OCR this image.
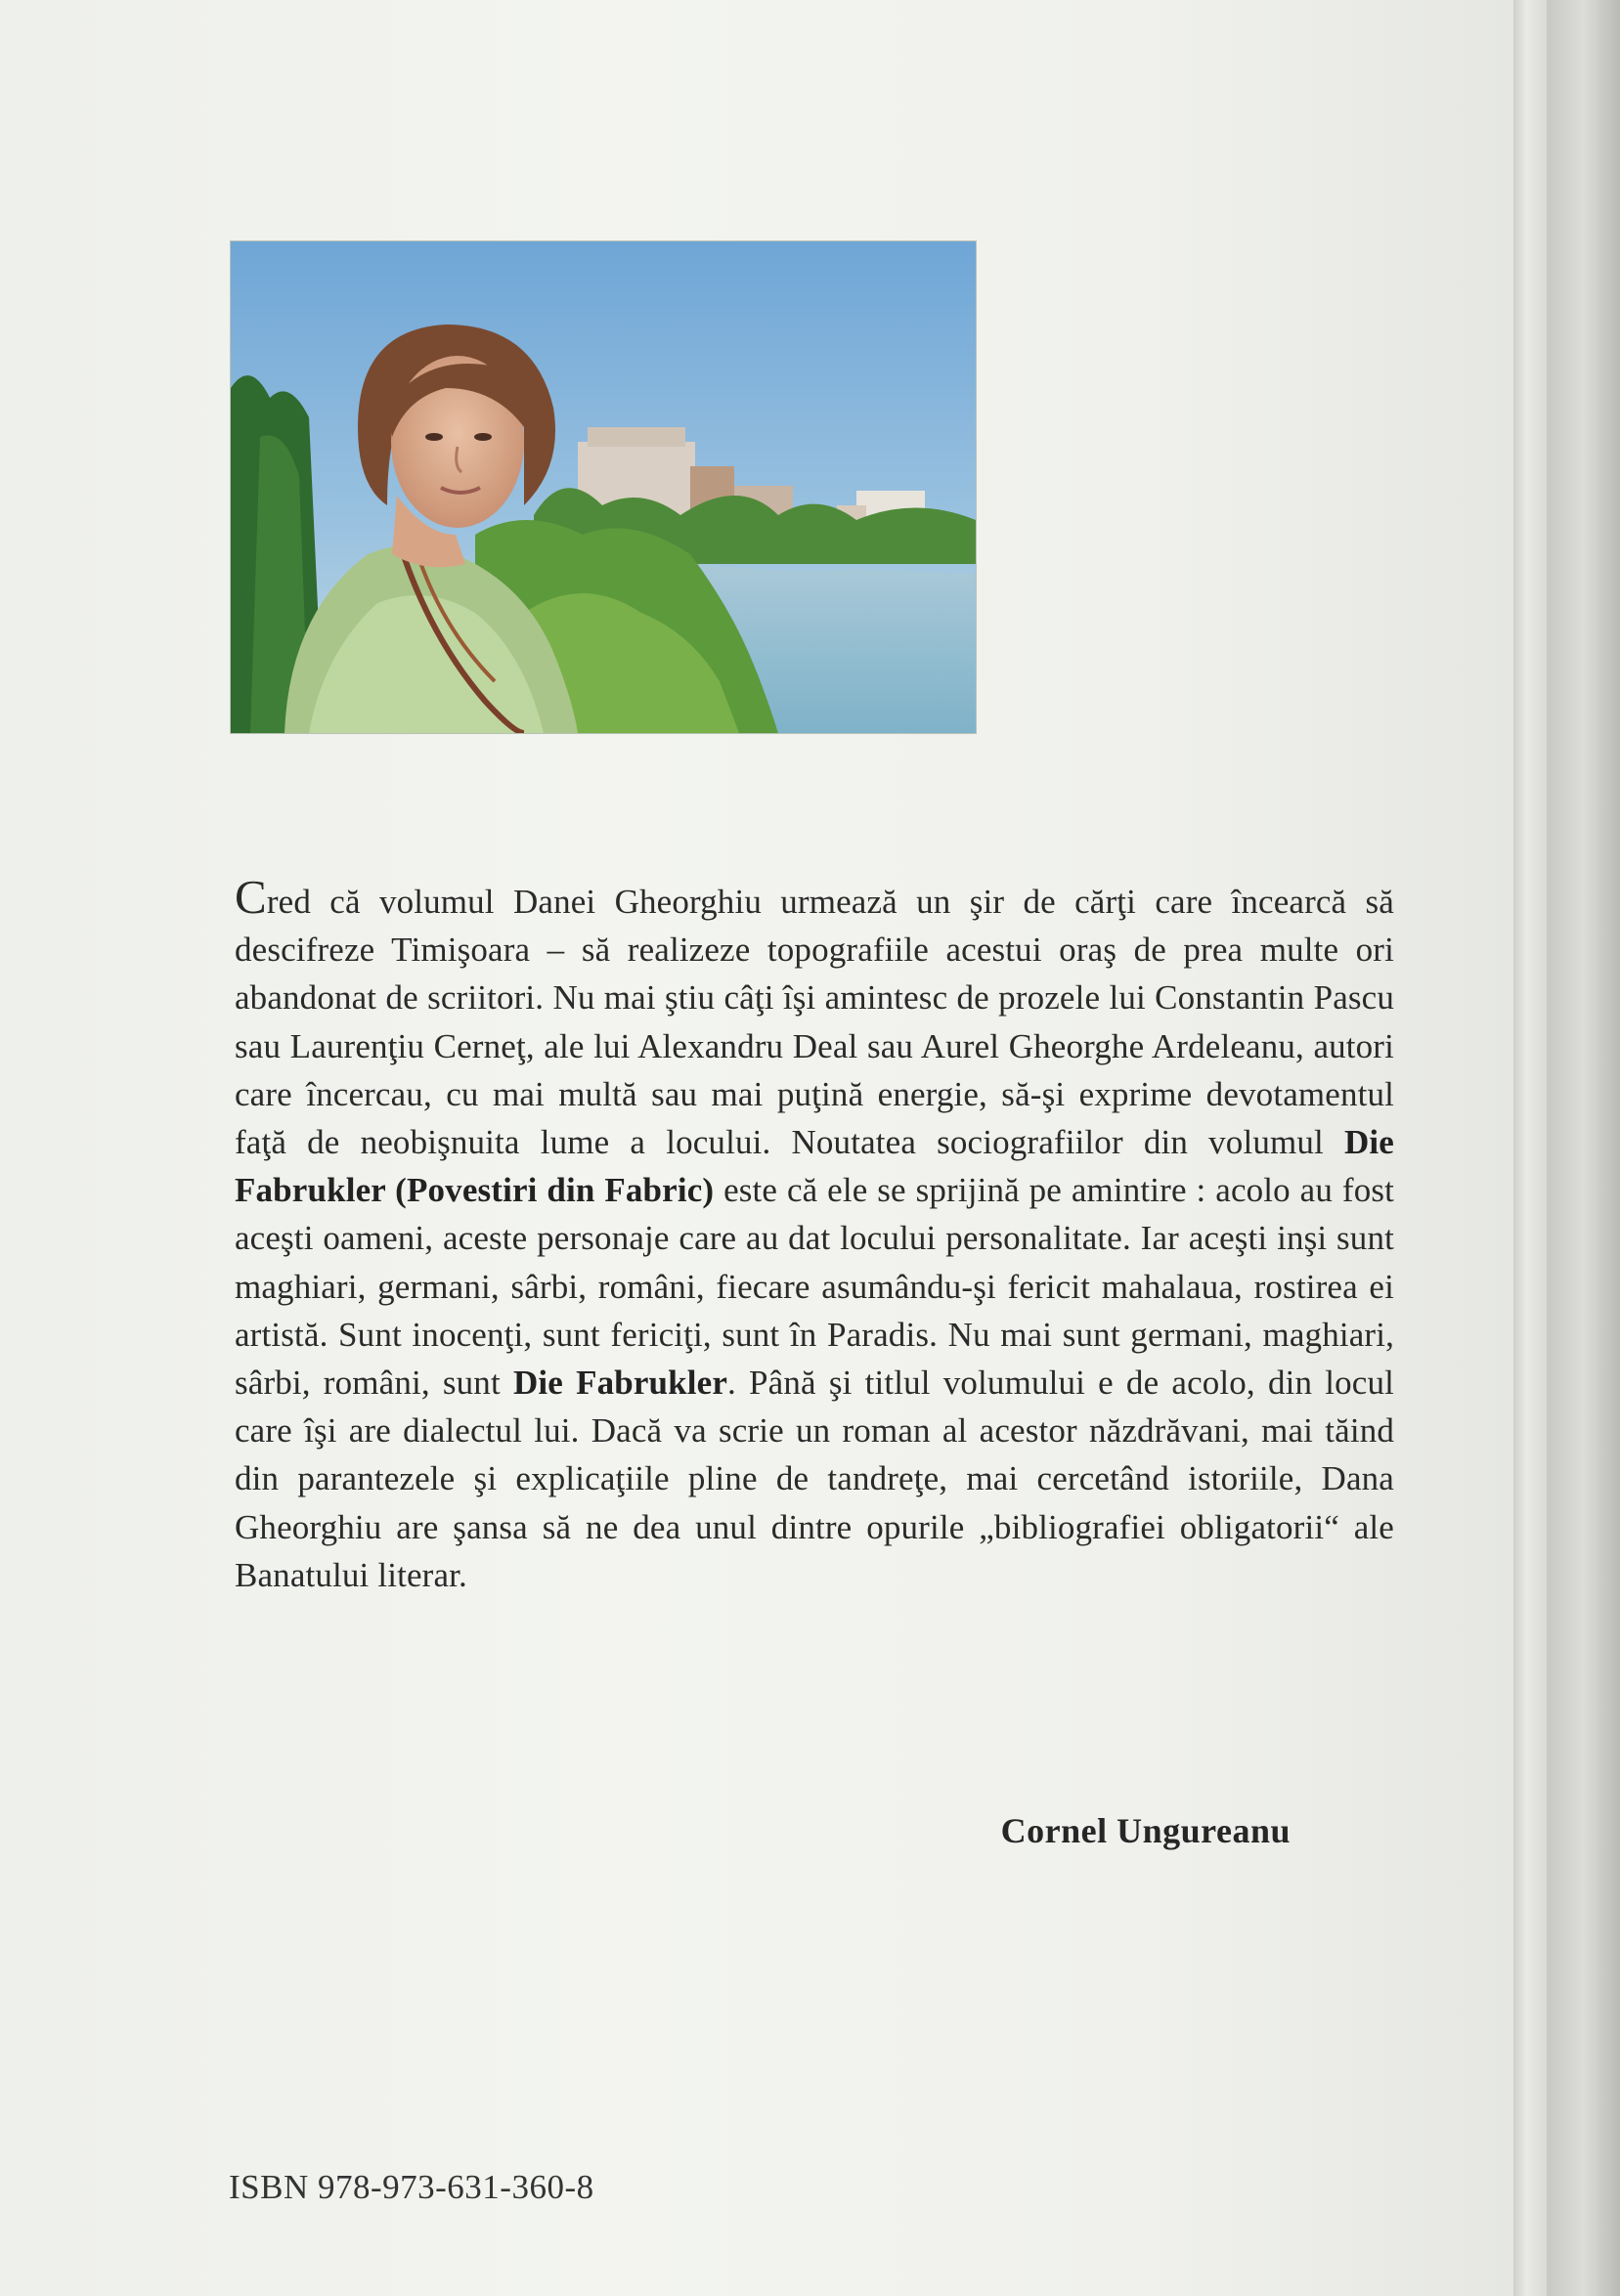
Cred că volumul Danei Gheorghiu urmează un şir de cărţi care încearcă să descifreze Timişoara – să realizeze topografiile acestui oraş de prea multe ori abandonat de scriitori. Nu mai ştiu câţi îşi amintesc de prozele lui Constantin Pascu sau Laurenţiu Cerneţ, ale lui Alexandru Deal sau Aurel Gheorghe Ardeleanu, autori care încercau, cu mai multă sau mai puţină energie, să-şi exprime devotamentul faţă de neobişnuita lume a locului. Noutatea sociografiilor din volumul Die Fabrukler (Povestiri din Fabric) este că ele se sprijină pe amintire : acolo au fost aceşti oameni, aceste personaje care au dat locului personalitate. Iar aceşti inşi sunt maghiari, germani, sârbi, români, fiecare asumându-şi fericit mahalaua, rostirea ei artistă. Sunt inocenţi, sunt fericiţi, sunt în Paradis. Nu mai sunt germani, maghiari, sârbi, români, sunt Die Fabrukler. Până şi titlul volumului e de acolo, din locul care îşi are dialectul lui. Dacă va scrie un roman al acestor năzdrăvani, mai tăind din parantezele şi explicaţiile pline de tandreţe, mai cercetând istoriile, Dana Gheorghiu are şansa să ne dea unul dintre opurile „bibliografiei obligatorii“ ale Banatului literar.
Cornel Ungureanu
ISBN 978-973-631-360-8
